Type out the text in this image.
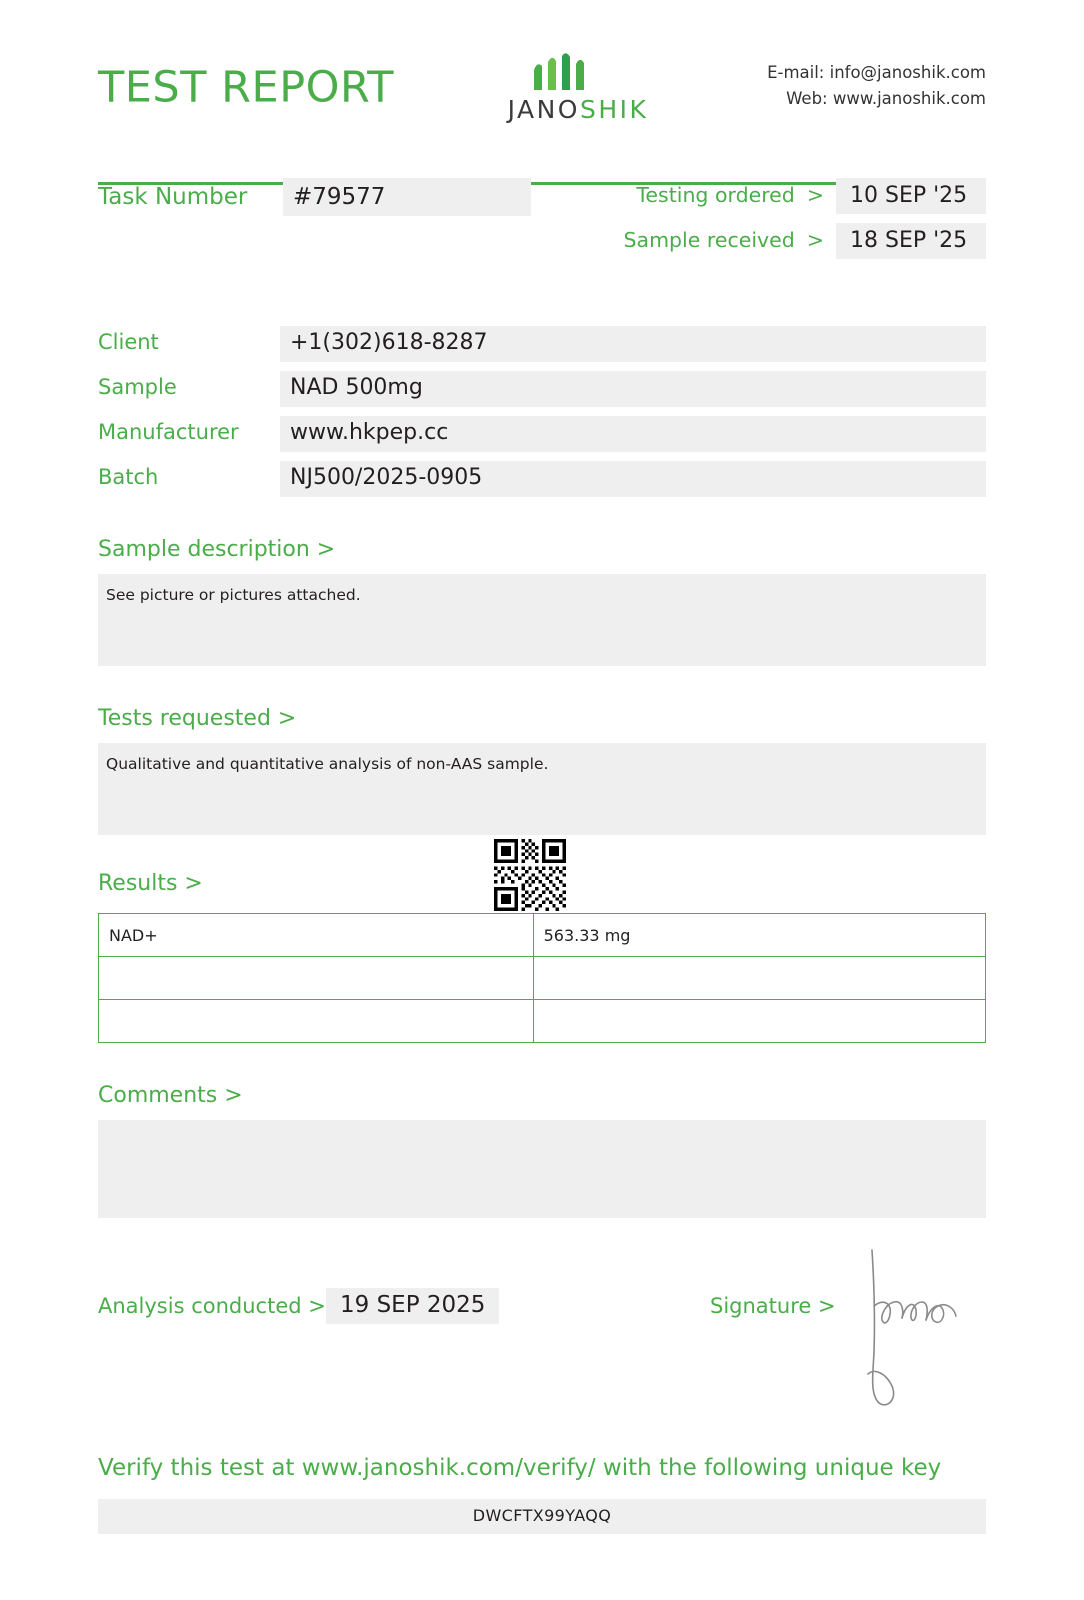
TEST REPORT	JANOSHIK
E-mail: info@janoshik.com
Web: www.janoshik.com
Task Number	#79577	Testing ordered >	10 SEP '25
Sample received >	18 SEP '25
Client	+1(302)618-8287
Sample	NAD 500mg
Manufacturer	www.hkpep.cc
Batch	NJ500/2025-0905
Sample description >
See picture or pictures attached.
Tests requested >
Qualitative and quantitative analysis of non-AAS sample.
Results >
NAD+	563.33 mg

Comments >
Analysis conducted > 19 SEP 2025	Signature >
Verify this test at www.janoshik.com/verify/ with the following unique key
DWCFTX99YAQQ
